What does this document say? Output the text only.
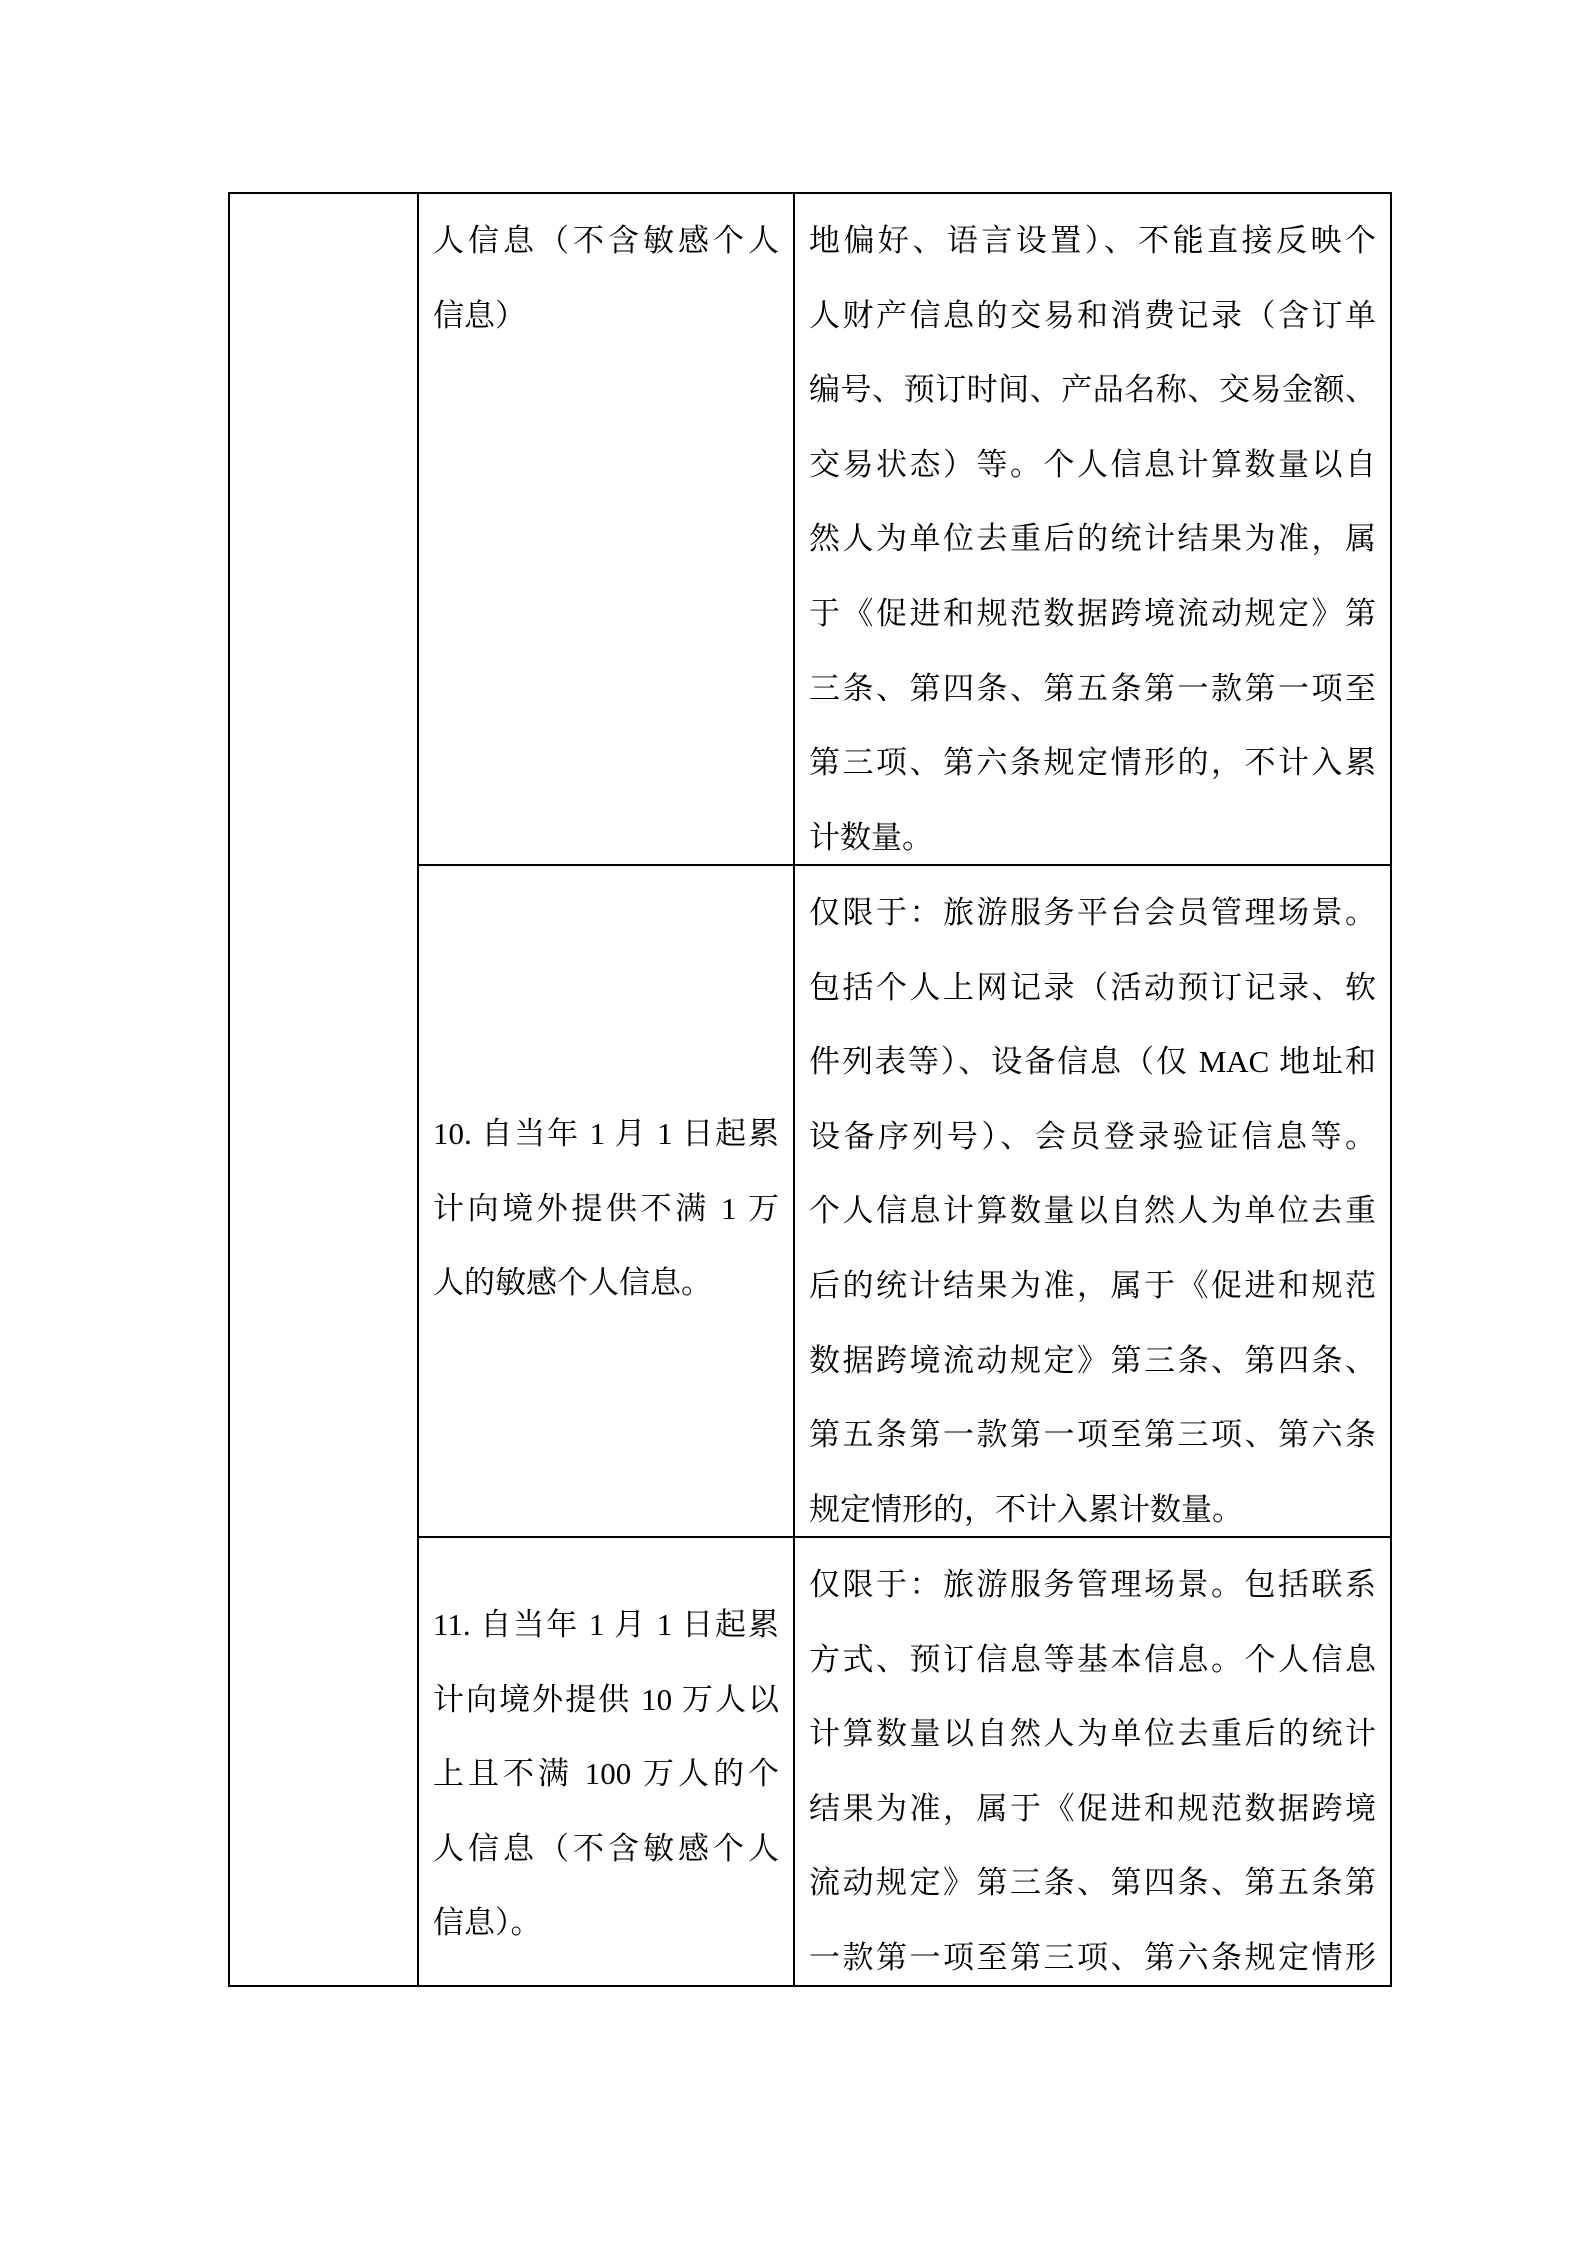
人信息（不含敏感个人
信息）
地偏好、语言设置）、不能直接反映个
人财产信息的交易和消费记录（含订单
编号、预订时间、产品名称、交易金额、
交易状态）等。个人信息计算数量以自
然人为单位去重后的统计结果为准，属
于《促进和规范数据跨境流动规定》第
三条、第四条、第五条第一款第一项至
第三项、第六条规定情形的，不计入累
计数量。
10. 自当年 1 月 1 日起累
计向境外提供不满 1 万
人的敏感个人信息。
仅限于：旅游服务平台会员管理场景。
包括个人上网记录（活动预订记录、软
件列表等）、设备信息（仅 MAC 地址和
设备序列号）、会员登录验证信息等。
个人信息计算数量以自然人为单位去重
后的统计结果为准，属于《促进和规范
数据跨境流动规定》第三条、第四条、
第五条第一款第一项至第三项、第六条
规定情形的，不计入累计数量。
11. 自当年 1 月 1 日起累
计向境外提供 10 万人以
上且不满 100 万人的个
人信息（不含敏感个人
信息）。
仅限于：旅游服务管理场景。包括联系
方式、预订信息等基本信息。个人信息
计算数量以自然人为单位去重后的统计
结果为准，属于《促进和规范数据跨境
流动规定》第三条、第四条、第五条第
一款第一项至第三项、第六条规定情形
